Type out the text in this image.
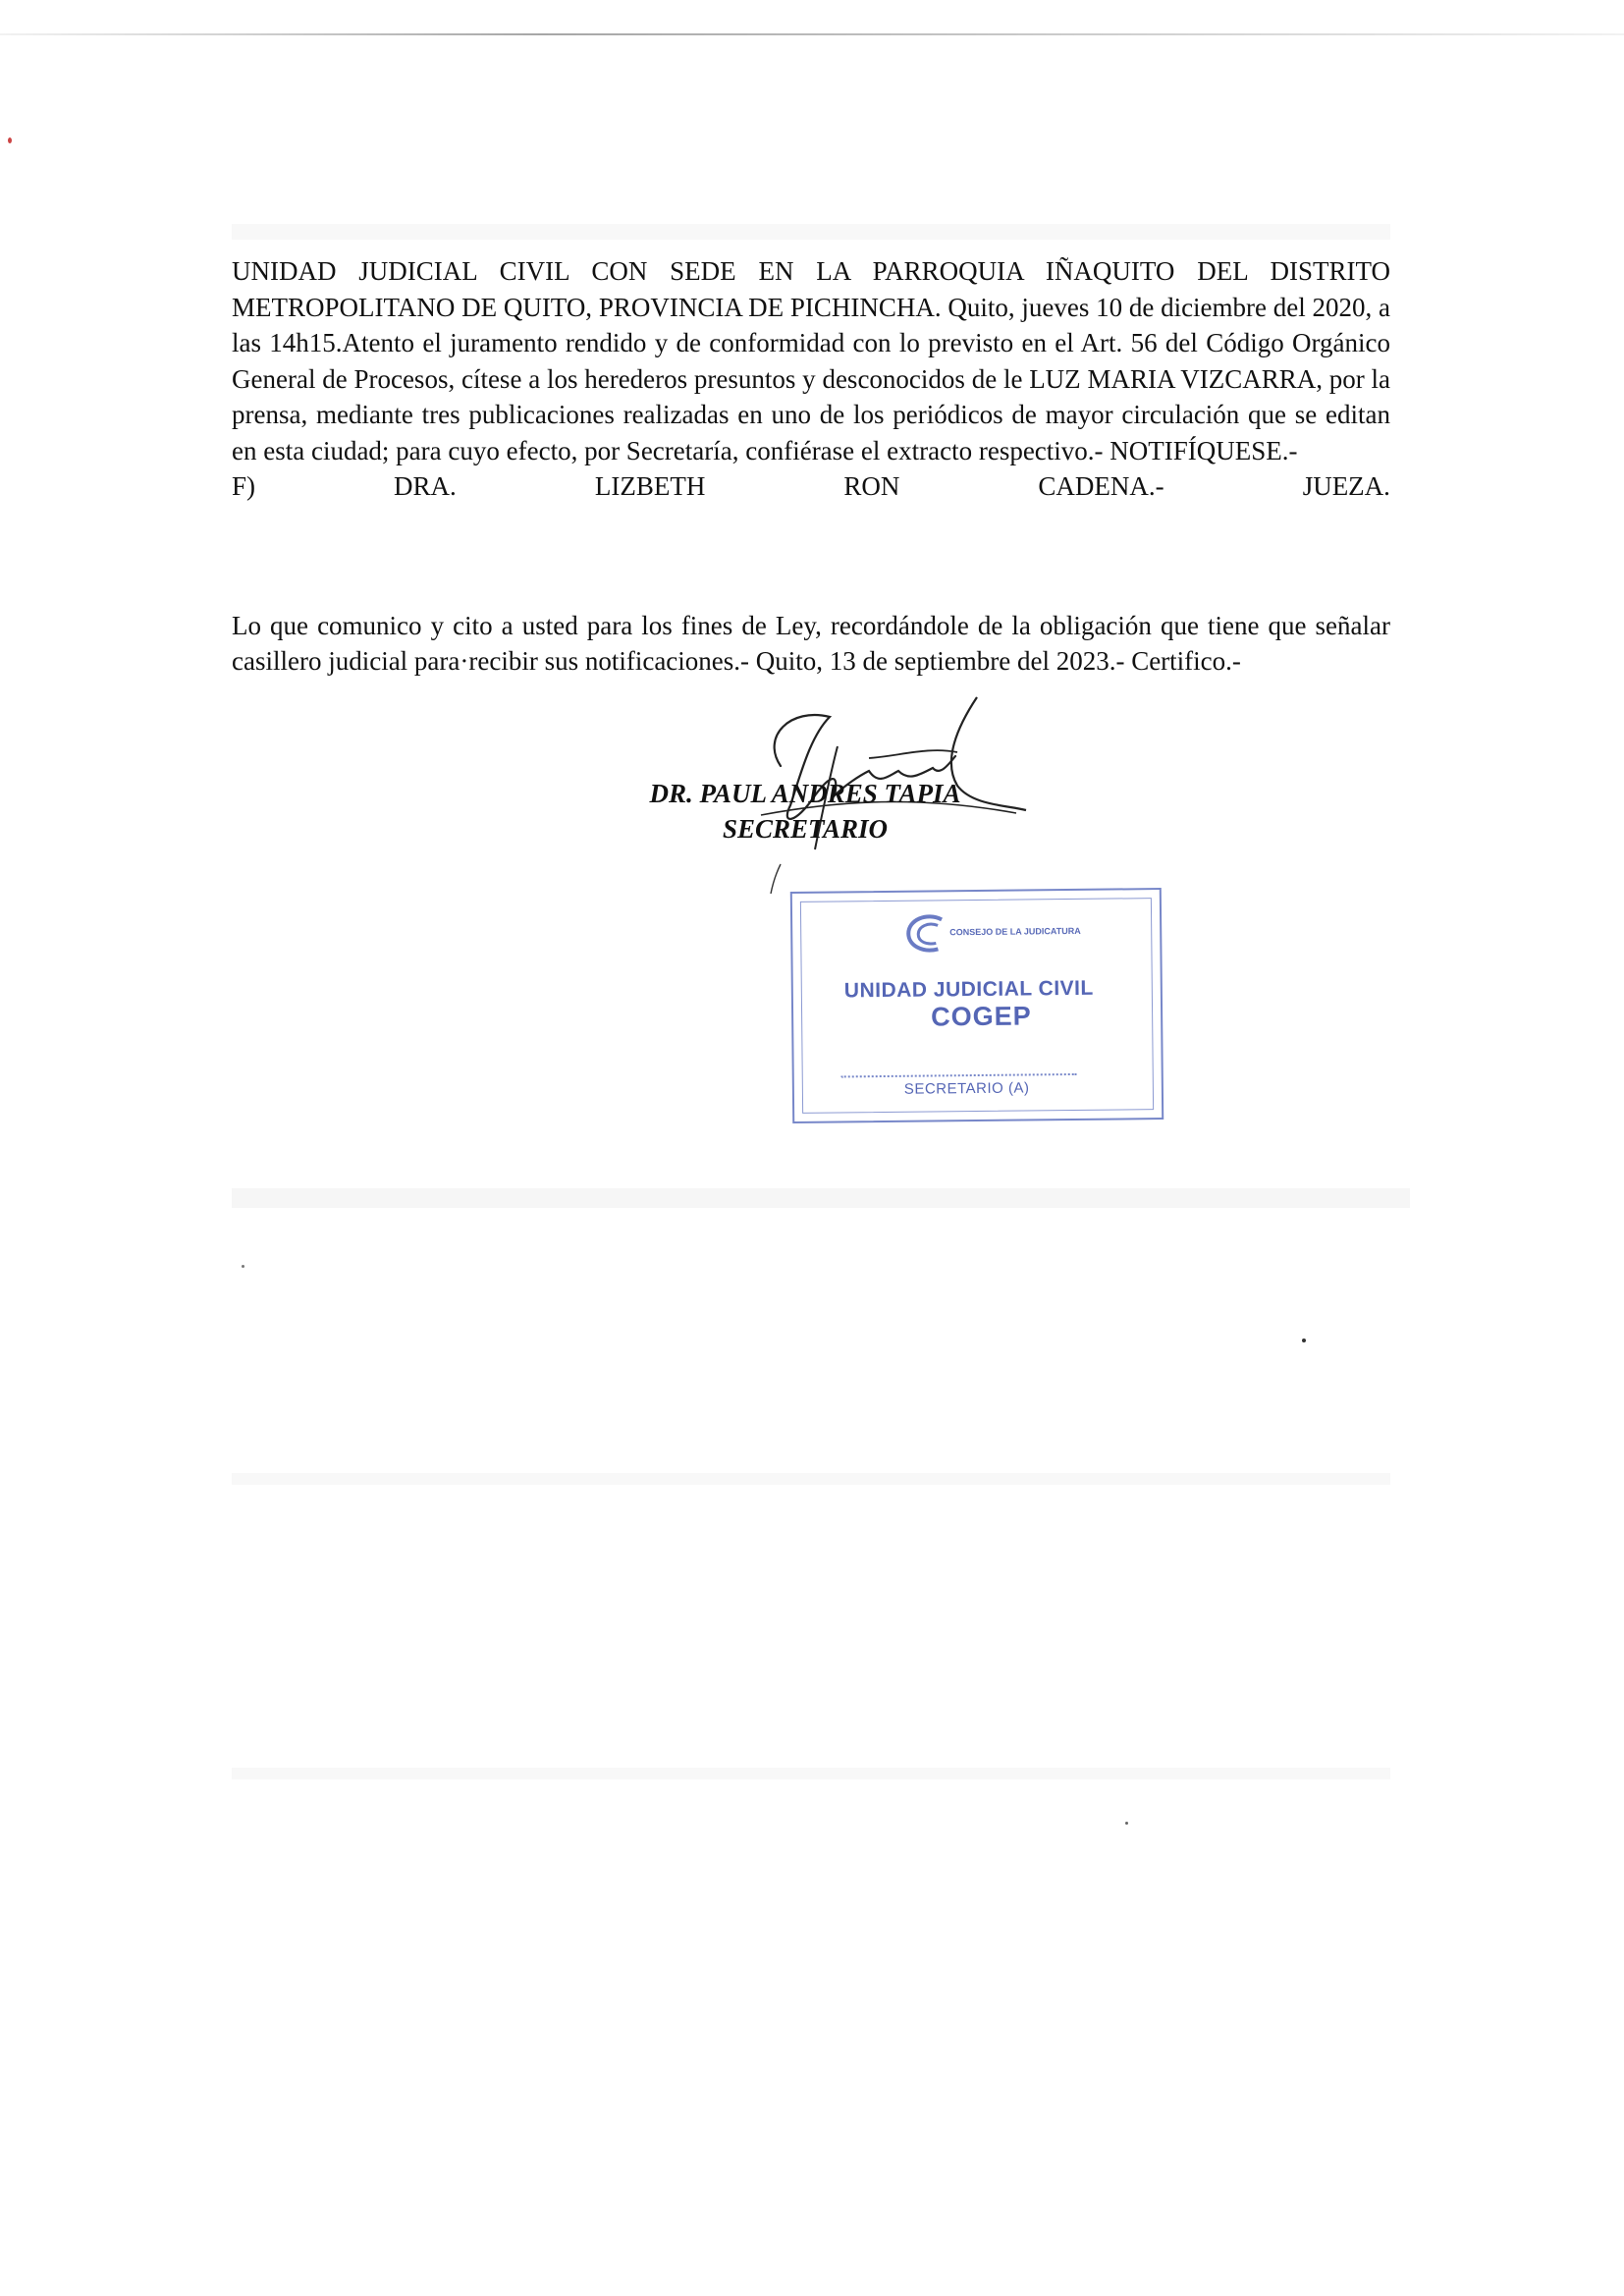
UNIDAD JUDICIAL CIVIL CON SEDE EN LA PARROQUIA IÑAQUITO DEL DISTRITO METROPOLITANO DE QUITO, PROVINCIA DE PICHINCHA. Quito, jueves 10 de diciembre del 2020, a las 14h15.Atento el juramento rendido y de conformidad con lo previsto en el Art. 56 del Código Orgánico General de Procesos, cítese a los herederos presuntos y desconocidos de le LUZ MARIA VIZCARRA, por la prensa, mediante tres publicaciones realizadas en uno de los periódicos de mayor circulación que se editan en esta ciudad; para cuyo efecto, por Secretaría, confiérase el extracto respectivo.- NOTIFÍQUESE.-
F)	DRA.	LIZBETH	RON	CADENA.-	JUEZA.
Lo que comunico y cito a usted para los fines de Ley, recordándole de la obligación que tiene que señalar casillero judicial para·recibir sus notificaciones.- Quito, 13 de septiembre del 2023.- Certifico.-
DR. PAUL ANDRES TAPIA
SECRETARIO
CONSEJO DE LA JUDICATURA
UNIDAD JUDICIAL CIVIL
COGEP
SECRETARIO (A)
